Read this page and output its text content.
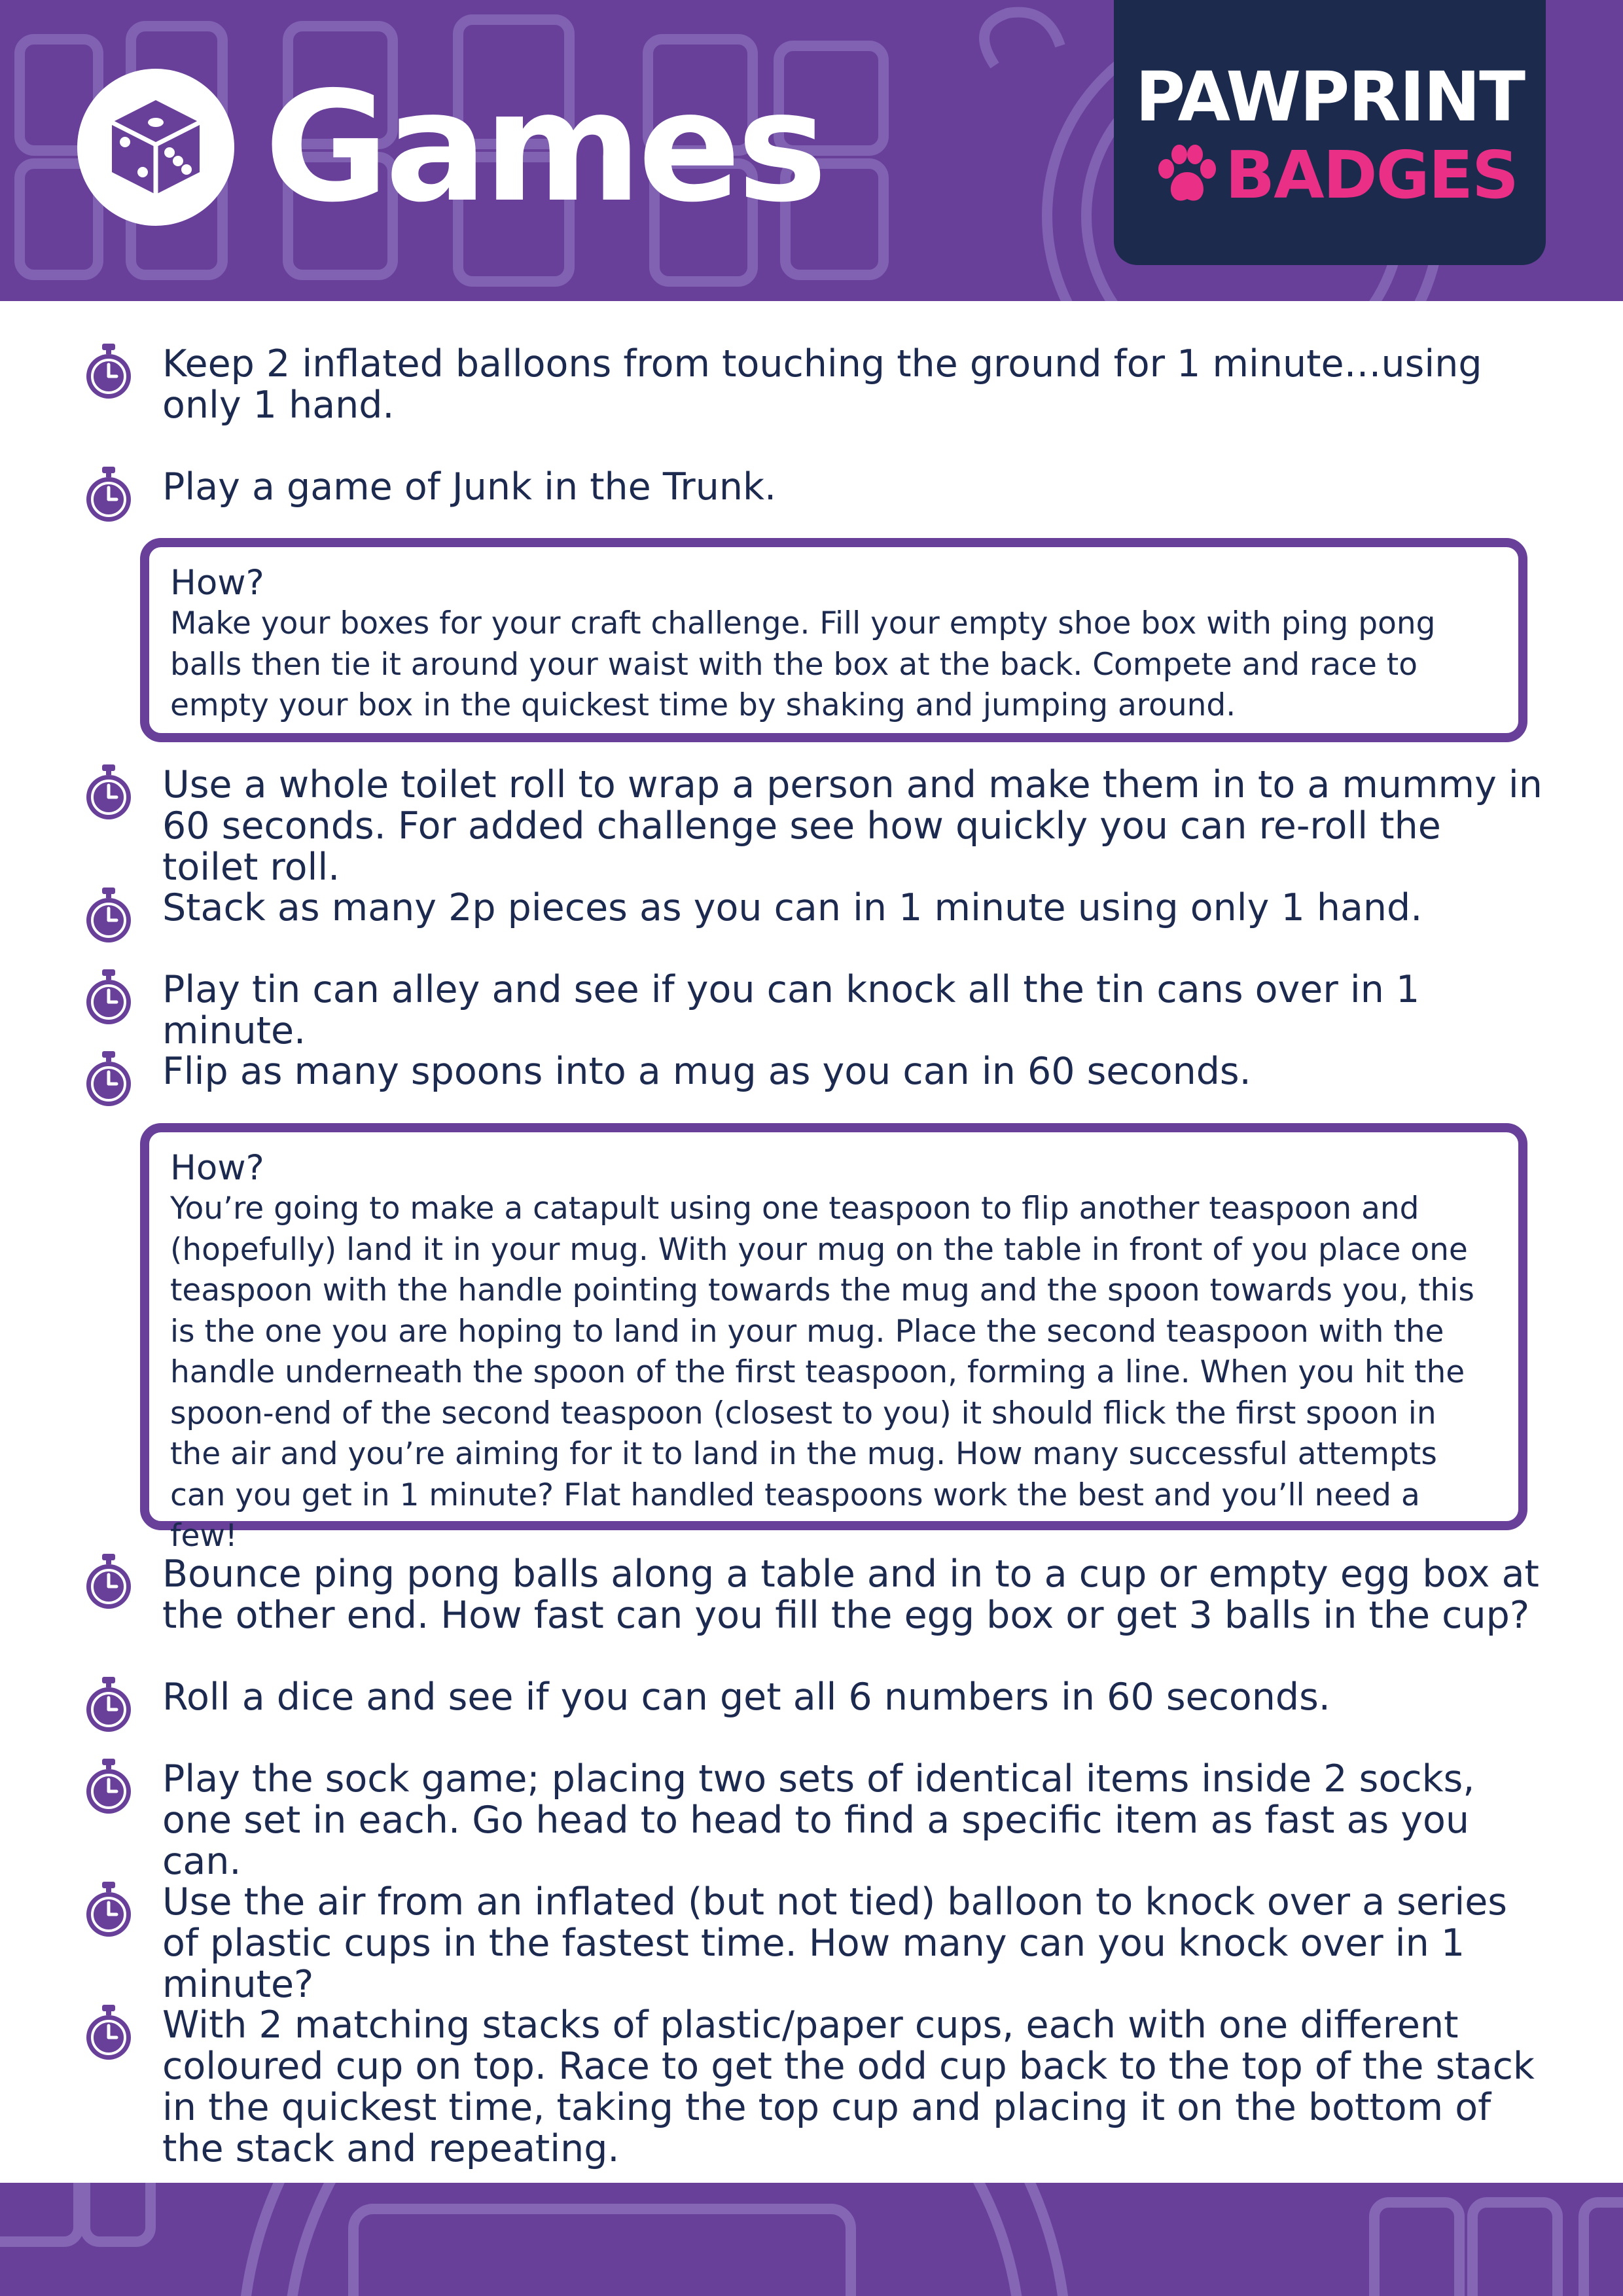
Games	PAWPRINT
BADGES
Keep 2 inflated balloons from touching the ground for 1 minute…using only 1 hand.
Play a game of Junk in the Trunk.
How?
Make your boxes for your craft challenge. Fill your empty shoe box with ping pong balls then tie it around your waist with the box at the back. Compete and race to empty your box in the quickest time by shaking and jumping around.
Use a whole toilet roll to wrap a person and make them in to a mummy in 60 seconds. For added challenge see how quickly you can re-roll the toilet roll.
Stack as many 2p pieces as you can in 1 minute using only 1 hand.
Play tin can alley and see if you can knock all the tin cans over in 1 minute.
Flip as many spoons into a mug as you can in 60 seconds.
How?
You’re going to make a catapult using one teaspoon to flip another teaspoon and (hopefully) land it in your mug. With your mug on the table in front of you place one teaspoon with the handle pointing towards the mug and the spoon towards you, this is the one you are hoping to land in your mug. Place the second teaspoon with the handle underneath the spoon of the first teaspoon, forming a line. When you hit the spoon-end of the second teaspoon (closest to you) it should flick the first spoon in the air and you’re aiming for it to land in the mug. How many successful attempts can you get in 1 minute? Flat handled teaspoons work the best and you’ll need a few!
Bounce ping pong balls along a table and in to a cup or empty egg box at the other end. How fast can you fill the egg box or get 3 balls in the cup?
Roll a dice and see if you can get all 6 numbers in 60 seconds.
Play the sock game; placing two sets of identical items inside 2 socks, one set in each. Go head to head to find a specific item as fast as you can.
Use the air from an inflated (but not tied) balloon to knock over a series of plastic cups in the fastest time. How many can you knock over in 1 minute?
With 2 matching stacks of plastic/paper cups, each with one different coloured cup on top. Race to get the odd cup back to the top of the stack in the quickest time, taking the top cup and placing it on the bottom of the stack and repeating.
